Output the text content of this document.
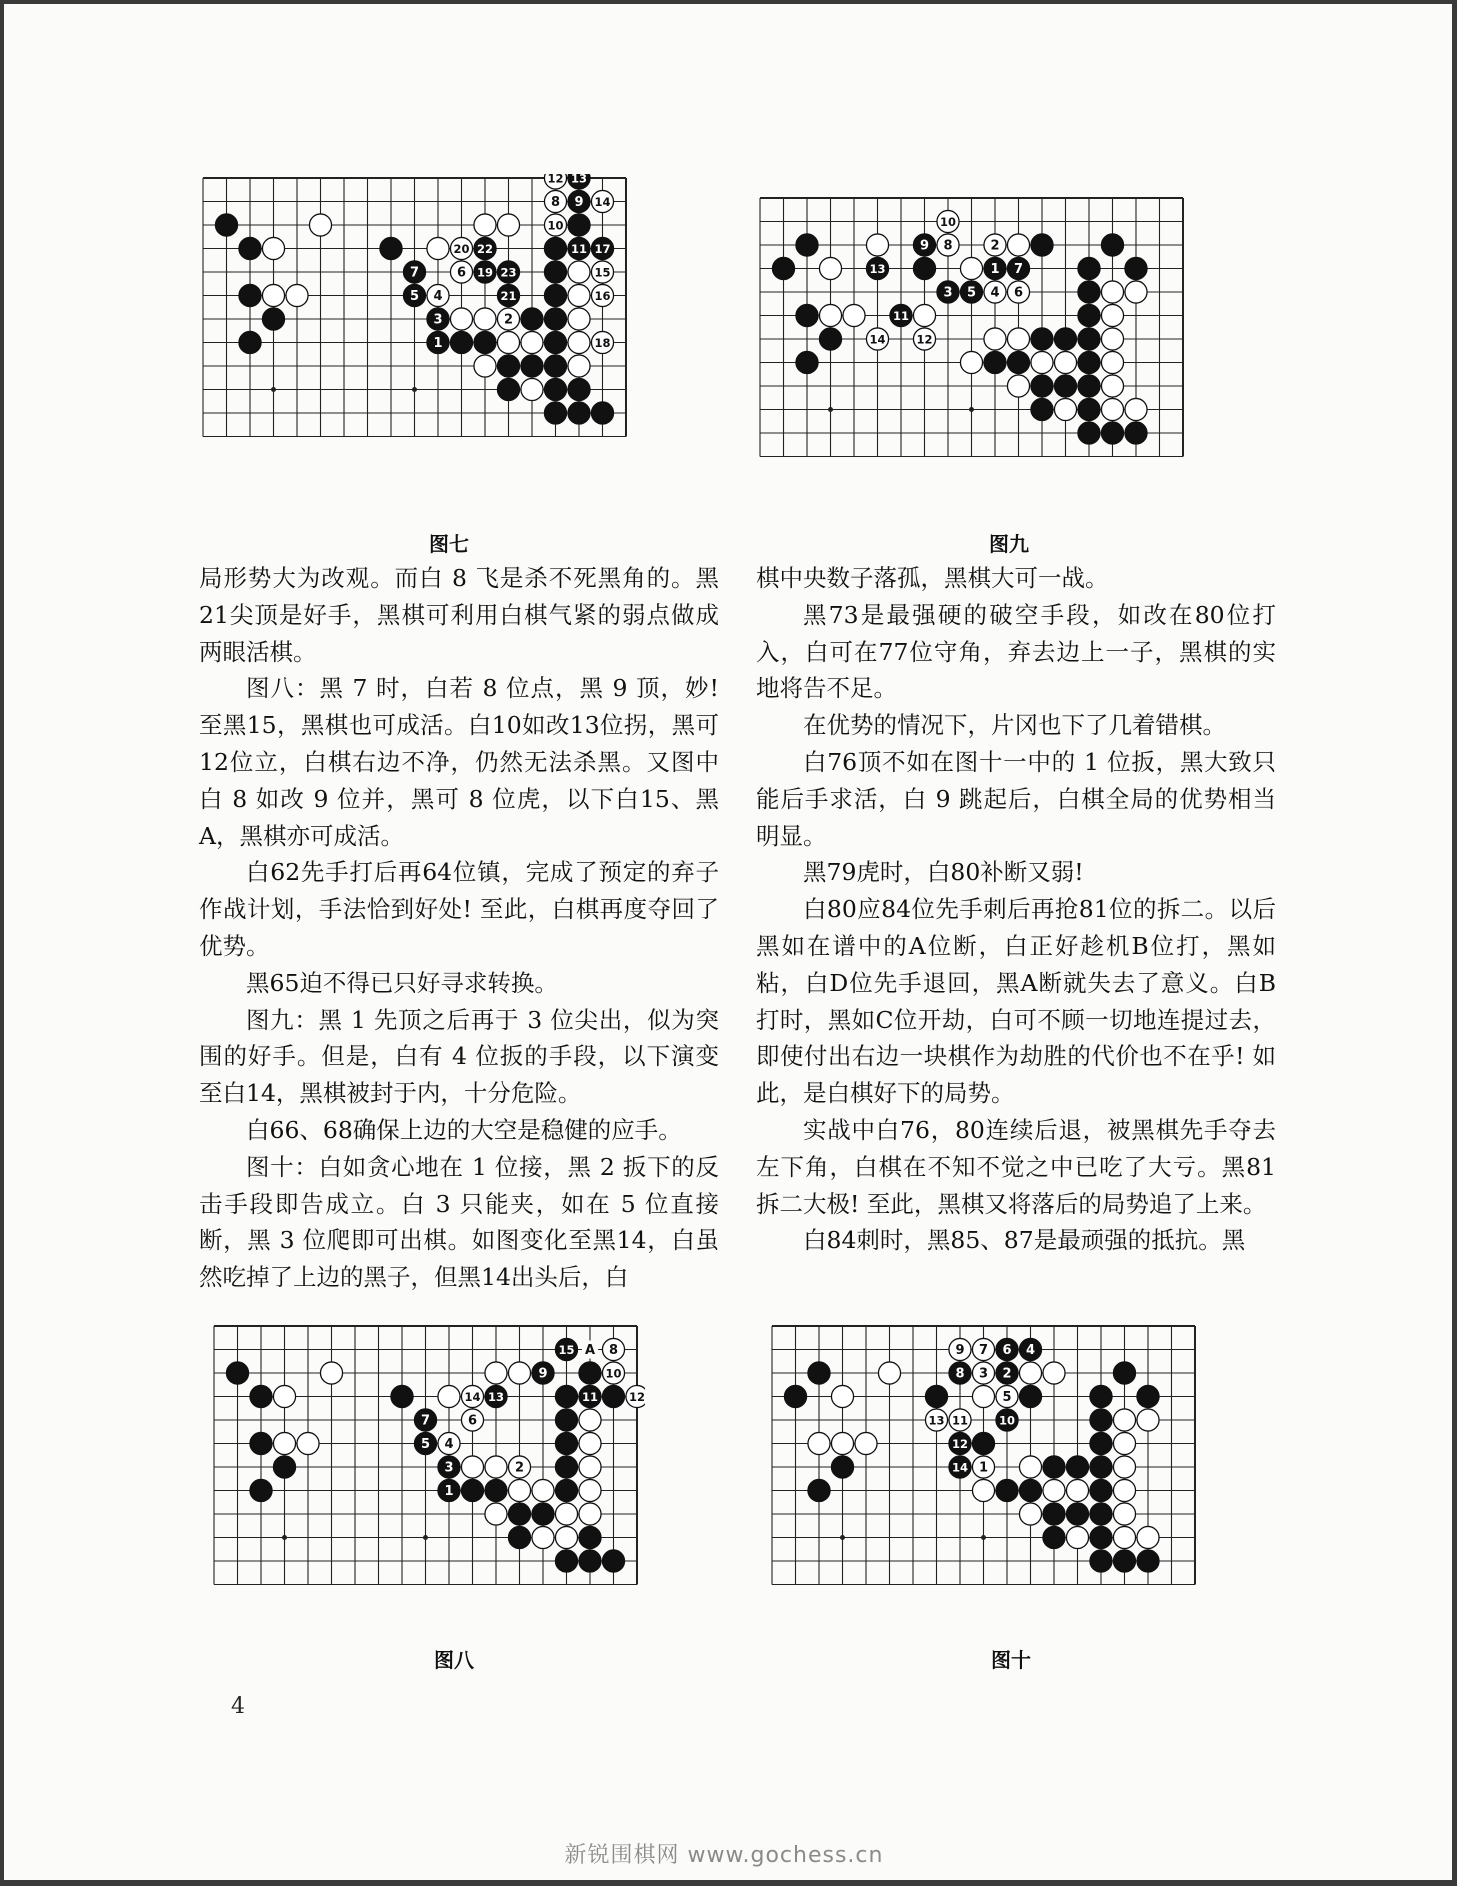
20 22
7	6 19 23
5 4	21
3	2
1
12 13
8 9 14
10
11 17
15
16
18
图七
10
9 8	2
13	1 7
3 5 4 6
11
14	12
图九

局形势大为改观。而白 8 飞是杀不死黑角的。黑21尖顶是好手，黑棋可利用白棋气紧的弱点做成两眼活棋。

图八：黑 7 时，白若 8 位点，黑 9 顶，妙!至黑15，黑棋也可成活。白10如改13位拐，黑可12位立，白棋右边不净，仍然无法杀黑。又图中白 8 如改 9 位并，黑可 8 位虎，以下白15、黑A，黑棋亦可成活。

白62先手打后再64位镇，完成了预定的弃子作战计划，手法恰到好处! 至此，白棋再度夺回了优势。

黑65迫不得已只好寻求转换。

图九：黑 1 先顶之后再于 3 位尖出，似为突围的好手。但是，白有 4 位扳的手段，以下演变至白14，黑棋被封于内，十分危险。

白66、68确保上边的大空是稳健的应手。

图十：白如贪心地在 1 位接，黑 2 扳下的反击手段即告成立。白 3 只能夹，如在 5 位直接断，黑 3 位爬即可出棋。如图变化至黑14，白虽然吃掉了上边的黑子，但黑14出头后，白

棋中央数子落孤，黑棋大可一战。

黑73是最强硬的破空手段，如改在80位打入，白可在77位守角，弃去边上一子，黑棋的实地将告不足。

在优势的情况下，片冈也下了几着错棋。

白76顶不如在图十一中的 1 位扳，黑大致只能后手求活，白 9 跳起后，白棋全局的优势相当明显。

黑79虎时，白80补断又弱!

白80应84位先手刺后再抢81位的拆二。以后黑如在谱中的A位断，白正好趁机B位打，黑如粘，白D位先手退回，黑A断就失去了意义。白B打时，黑如C位开劫，白可不顾一切地连提过去，即使付出右边一块棋作为劫胜的代价也不在乎! 如此，是白棋好下的局势。

实战中白76，80连续后退，被黑棋先手夺去左下角，白棋在不知不觉之中已吃了大亏。黑81拆二大极! 至此，黑棋又将落后的局势追了上来。

白84刺时，黑85、87是最顽强的抵抗。黑

15 A 8
9	10
14 13	11	12
7	6
5 4
3	2
1
图八
9 7 6 4
8 3 2
5
13 11	10
12
14 1
图十
4
新锐围棋网 www.gochess.cn
